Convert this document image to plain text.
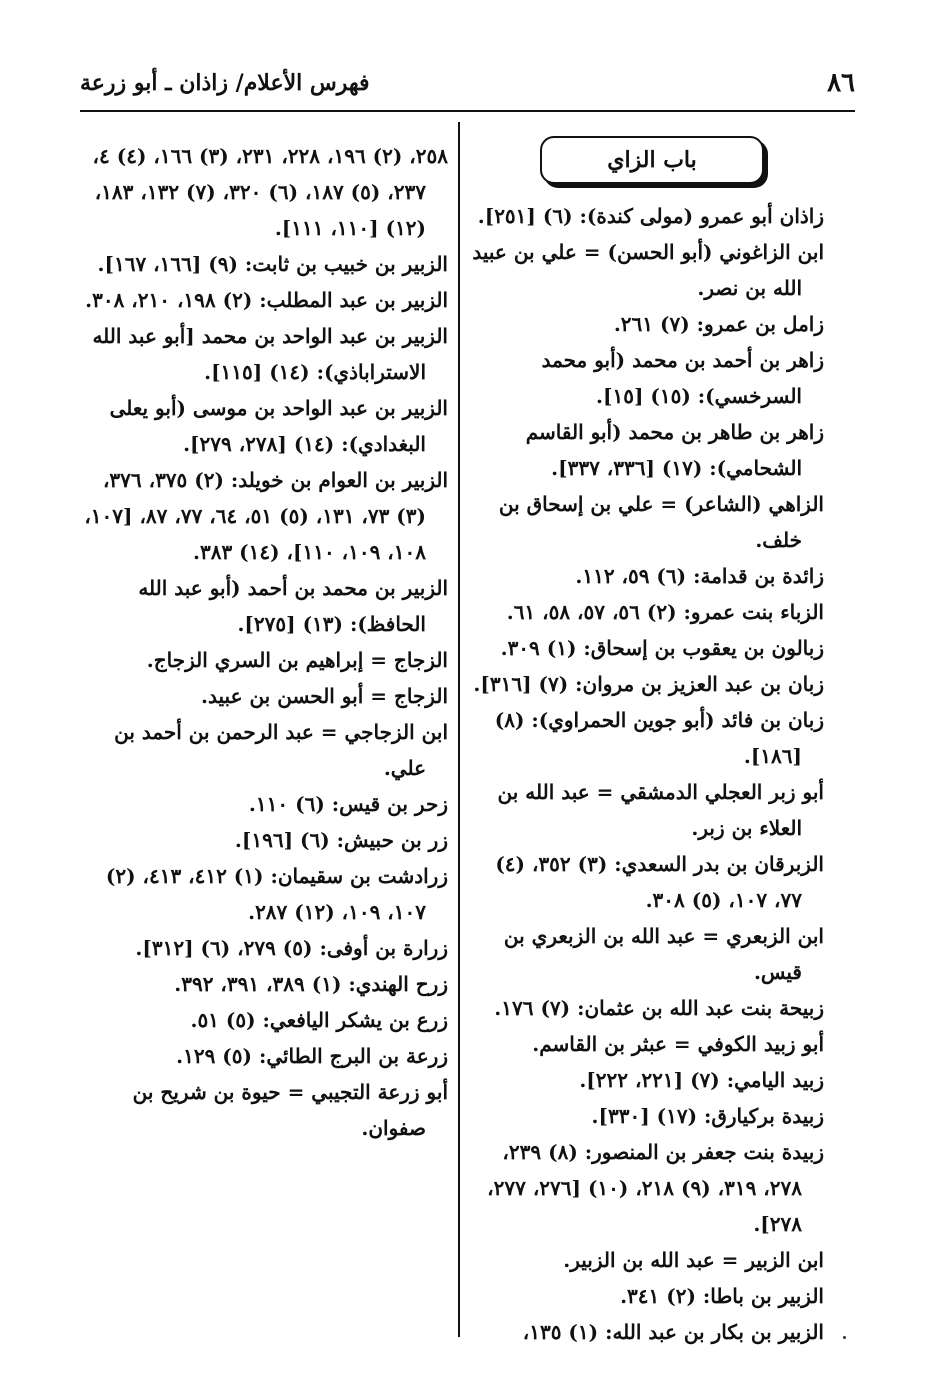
٨٦
فهرس الأعلام/ زاذان ـ أبو زرعة
باب الزاي

زاذان أبو عمرو (مولى كندة): (٦) [٢٥١].

ابن الزاغوني (أبو الحسن) = علي بن عبيد الله بن نصر.

زامل بن عمرو: (٧) ٢٦١.

زاهر بن أحمد بن محمد (أبو محمد السرخسي): (١٥) [١٥].

زاهر بن طاهر بن محمد (أبو القاسم الشحامي): (١٧) [٣٣٦، ٣٣٧].

الزاهي (الشاعر) = علي بن إسحاق بن خلف.

زائدة بن قدامة: (٦) ٥٩، ١١٢.

الزباء بنت عمرو: (٢) ٥٦، ٥٧، ٥٨، ٦١.

زبالون بن يعقوب بن إسحاق: (١) ٣٠٩.

زبان بن عبد العزيز بن مروان: (٧) [٣١٦].

زبان بن فائد (أبو جوين الحمراوي): (٨) [١٨٦].

أبو زبر العجلي الدمشقي = عبد الله بن العلاء بن زبر.

الزبرقان بن بدر السعدي: (٣) ٣٥٢، (٤) ٧٧، ١٠٧، (٥) ٣٠٨.

ابن الزبعري = عبد الله بن الزبعري بن قيس.

زبيحة بنت عبد الله بن عثمان: (٧) ١٧٦.

أبو زبيد الكوفي = عبثر بن القاسم.

زبيد اليامي: (٧) [٢٢١، ٢٢٢].

زبيدة بركيارق: (١٧) [٣٣٠].

زبيدة بنت جعفر بن المنصور: (٨) ٢٣٩، ٢٧٨، ٣١٩، (٩) ٢١٨، (١٠) [٢٧٦، ٢٧٧، ٢٧٨].

ابن الزبير = عبد الله بن الزبير.

الزبير بن باطا: (٢) ٣٤١.

الزبير بن بكار بن عبد الله: (١) ١٣٥،

٢٥٨، (٢) ١٩٦، ٢٢٨، ٢٣١، (٣) ١٦٦، (٤) ٤، ٢٣٧، (٥) ١٨٧، (٦) ٣٢٠، (٧) ١٣٢، ١٨٣، (١٢) [١١٠، ١١١].

الزبير بن خبيب بن ثابت: (٩) [١٦٦، ١٦٧].

الزبير بن عبد المطلب: (٢) ١٩٨، ٢١٠، ٣٠٨.

الزبير بن عبد الواحد بن محمد [أبو عبد الله الاستراباذي): (١٤) [١١٥].

الزبير بن عبد الواحد بن موسى (أبو يعلى البغدادي): (١٤) [٢٧٨، ٢٧٩].

الزبير بن العوام بن خويلد: (٢) ٣٧٥، ٣٧٦، (٣) ٧٣، ١٣١، (٥) ٥١، ٦٤، ٧٧، ٨٧، [١٠٧، ١٠٨، ١٠٩، ١١٠]، (١٤) ٣٨٣.

الزبير بن محمد بن أحمد (أبو عبد الله الحافظ): (١٣) [٢٧٥].

الزجاج = إبراهيم بن السري الزجاج.

الزجاج = أبو الحسن بن عبيد.

ابن الزجاجي = عبد الرحمن بن أحمد بن علي.

زحر بن قيس: (٦) ١١٠.

زر بن حبيش: (٦) [١٩٦].

زرادشت بن سقيمان: (١) ٤١٢، ٤١٣، (٢) ١٠٧، ١٠٩، (١٢) ٢٨٧.

زرارة بن أوفى: (٥) ٢٧٩، (٦) [٣١٢].

زرح الهندي: (١) ٣٨٩، ٣٩١، ٣٩٢.

زرع بن يشكر اليافعي: (٥) ٥١.

زرعة بن البرج الطائي: (٥) ١٢٩.

أبو زرعة التجيبي = حيوة بن شريح بن صفوان.
